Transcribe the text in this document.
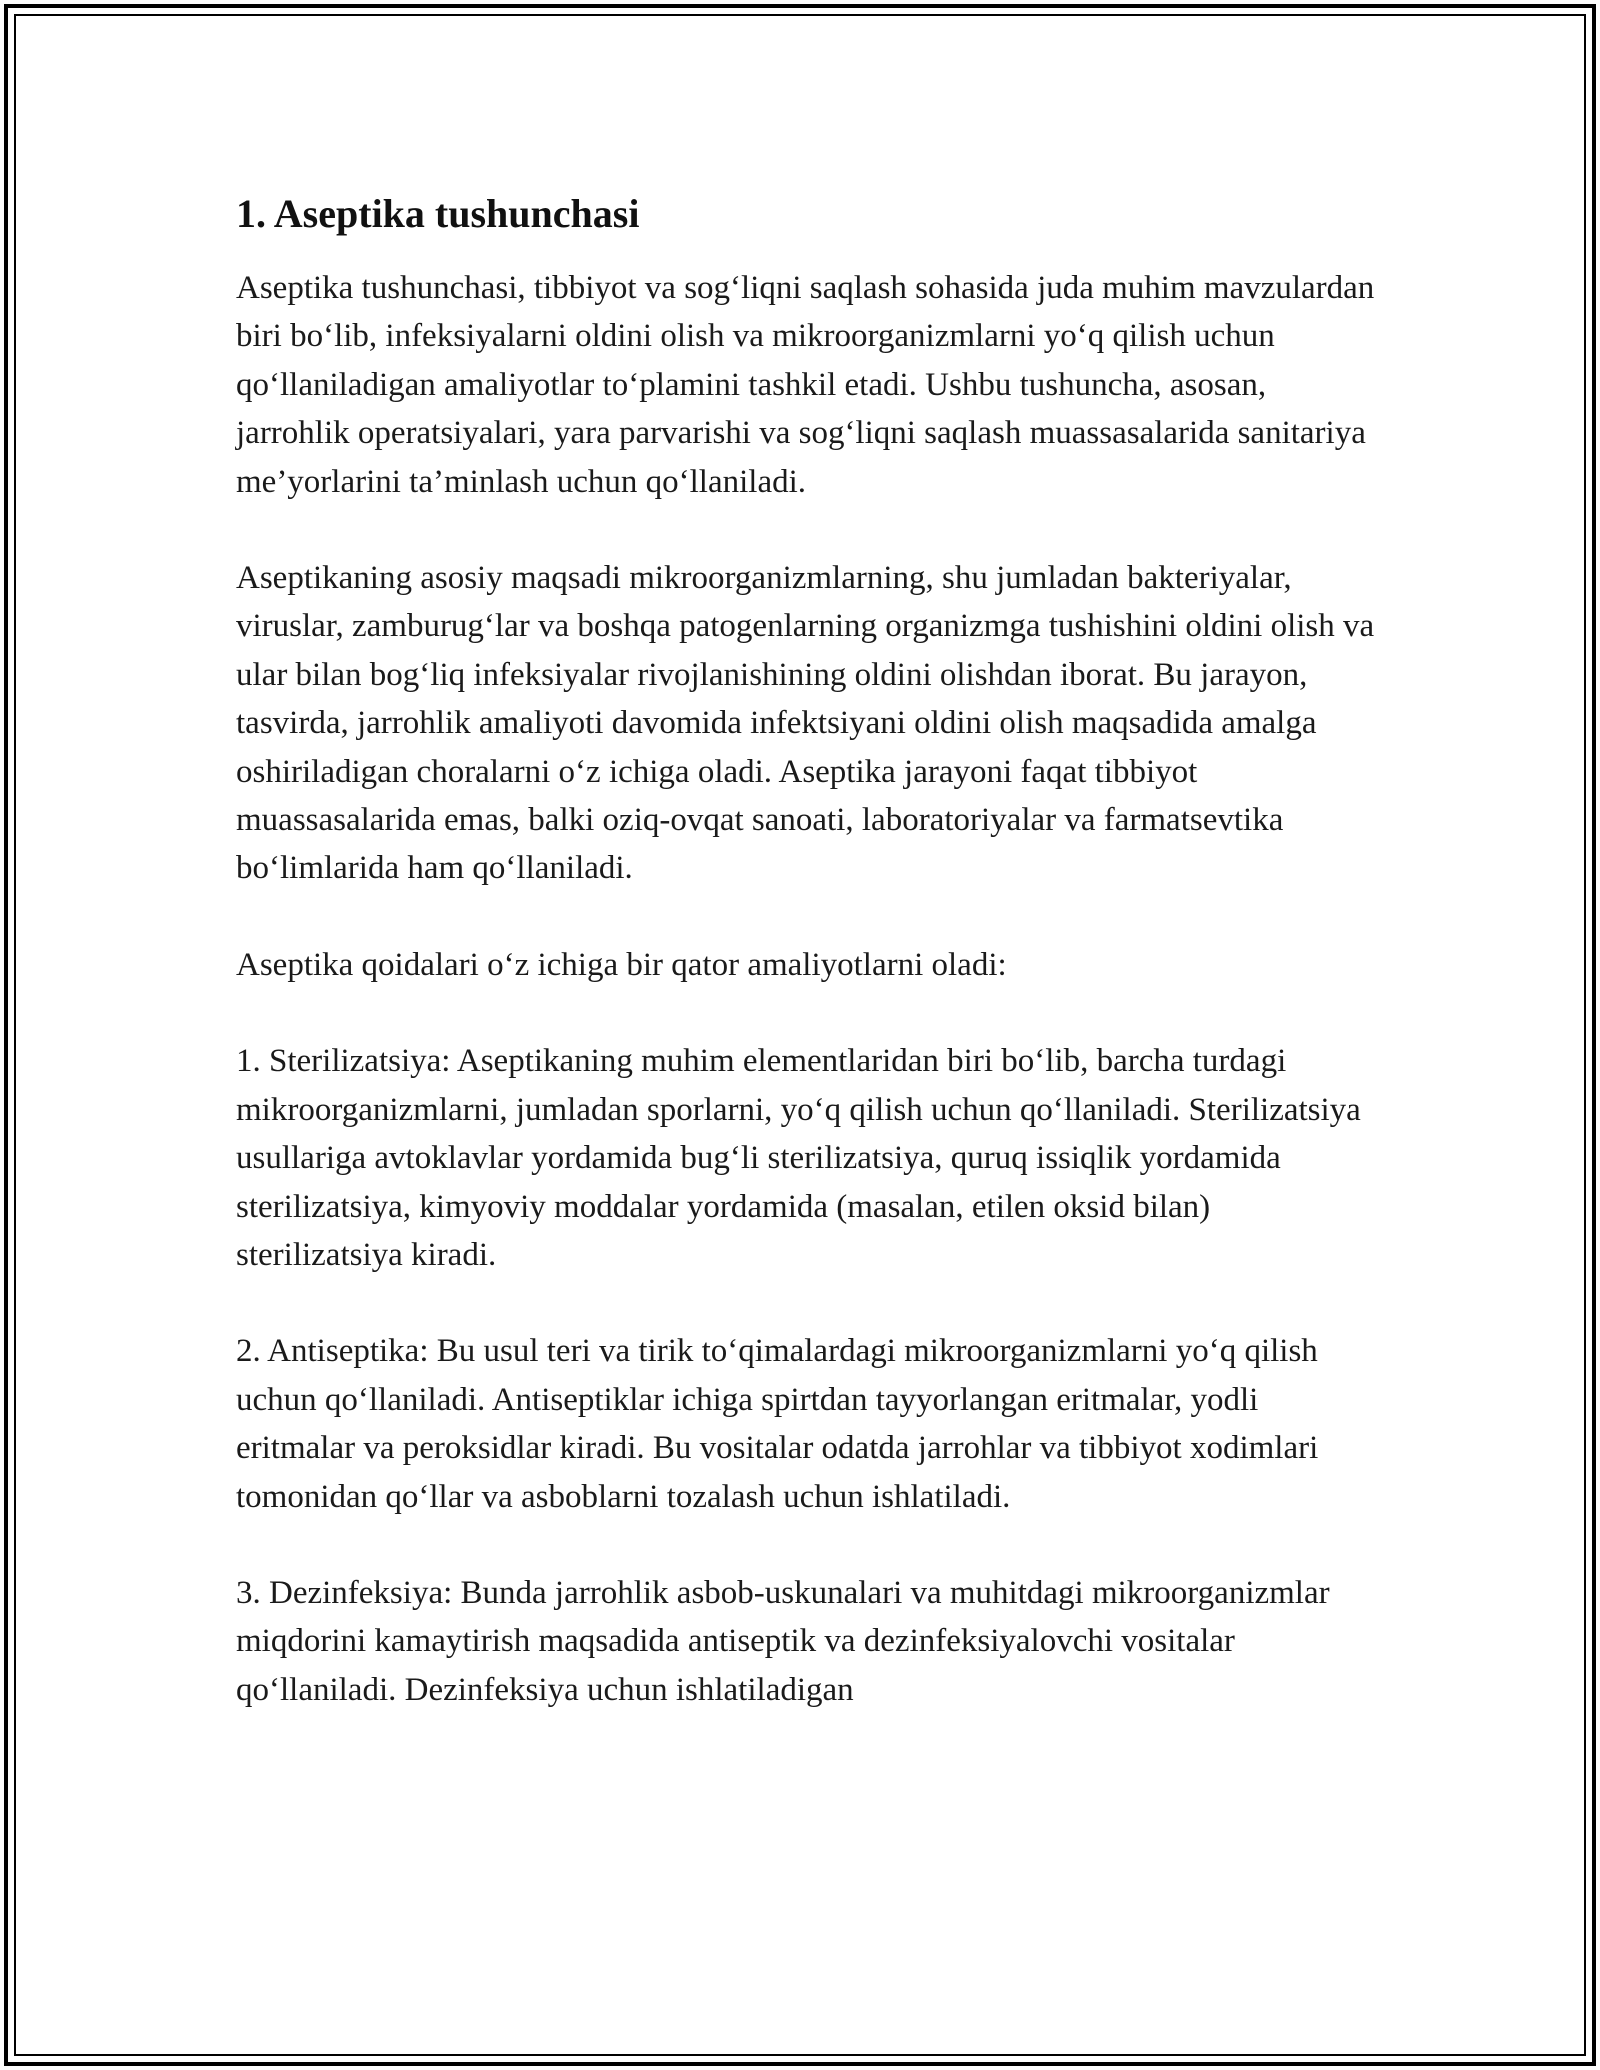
1. Aseptika tushunchasi

Aseptika tushunchasi, tibbiyot va sog‘liqni saqlash sohasida juda muhim mavzulardan biri bo‘lib, infeksiyalarni oldini olish va mikroorganizmlarni yo‘q qilish uchun qo‘llaniladigan amaliyotlar to‘plamini tashkil etadi. Ushbu tushuncha, asosan, jarrohlik operatsiyalari, yara parvarishi va sog‘liqni saqlash muassasalarida sanitariya me’yorlarini ta’minlash uchun qo‘llaniladi.

Aseptikaning asosiy maqsadi mikroorganizmlarning, shu jumladan bakteriyalar, viruslar, zamburug‘lar va boshqa patogenlarning organizmga tushishini oldini olish va ular bilan bog‘liq infeksiyalar rivojlanishining oldini olishdan iborat. Bu jarayon, tasvirda, jarrohlik amaliyoti davomida infektsiyani oldini olish maqsadida amalga oshiriladigan choralarni o‘z ichiga oladi. Aseptika jarayoni faqat tibbiyot muassasalarida emas, balki oziq-ovqat sanoati, laboratoriyalar va farmatsevtika bo‘limlarida ham qo‘llaniladi.

Aseptika qoidalari o‘z ichiga bir qator amaliyotlarni oladi:

1. Sterilizatsiya: Aseptikaning muhim elementlaridan biri bo‘lib, barcha turdagi mikroorganizmlarni, jumladan sporlarni, yo‘q qilish uchun qo‘llaniladi. Sterilizatsiya usullariga avtoklavlar yordamida bug‘li sterilizatsiya, quruq issiqlik yordamida sterilizatsiya, kimyoviy moddalar yordamida (masalan, etilen oksid bilan) sterilizatsiya kiradi.

2. Antiseptika: Bu usul teri va tirik to‘qimalardagi mikroorganizmlarni yo‘q qilish uchun qo‘llaniladi. Antiseptiklar ichiga spirtdan tayyorlangan eritmalar, yodli eritmalar va peroksidlar kiradi. Bu vositalar odatda jarrohlar va tibbiyot xodimlari tomonidan qo‘llar va asboblarni tozalash uchun ishlatiladi.

3. Dezinfeksiya: Bunda jarrohlik asbob-uskunalari va muhitdagi mikroorganizmlar miqdorini kamaytirish maqsadida antiseptik va dezinfeksiyalovchi vositalar qo‘llaniladi. Dezinfeksiya uchun ishlatiladigan
